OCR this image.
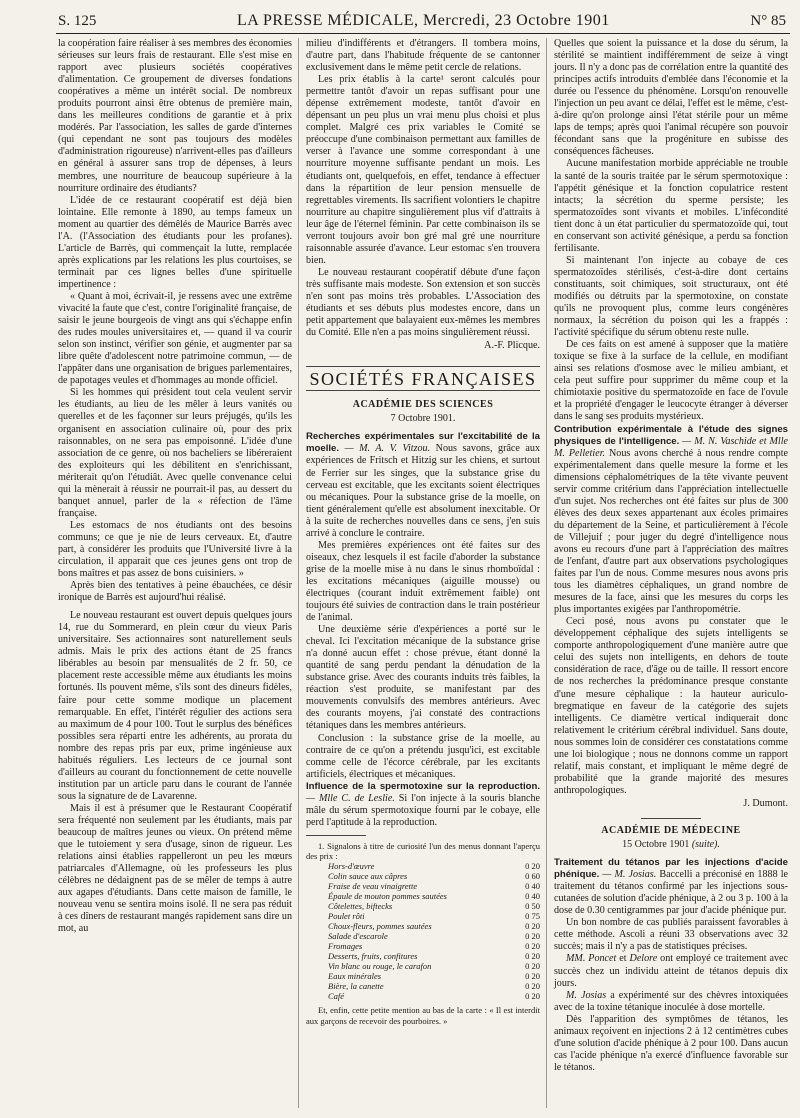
S. 125	LA PRESSE MÉDICALE, Mercredi, 23 Octobre 1901	N° 85

la coopération faire réaliser à ses membres des économies sérieuses sur leurs frais de restaurant. Elle s'est mise en rapport avec plusieurs sociétés coopératives d'alimentation. Ce groupement de diverses fondations coopératives a même un intérêt social. De nombreux produits pourront ainsi être obtenus de première main, dans les meilleures conditions de garantie et à prix modérés. Par l'association, les salles de garde d'internes (qui cependant ne sont pas toujours des modèles d'administration rigoureuse) n'arrivent-elles pas d'ailleurs en général à assurer sans trop de dépenses, à leurs membres, une nourriture de beaucoup supérieure à la nourriture ordinaire des étudiants?

L'idée de ce restaurant coopératif est déjà bien lointaine. Elle remonte à 1890, au temps fameux un moment au quartier des démêlés de Maurice Barrès avec l'A. (l'Association des étudiants pour les profanes). L'article de Barrès, qui commençait la lutte, remplacée après explications par les relations les plus courtoises, se terminait par ces lignes belles d'une spirituelle impertinence :

« Quant à moi, écrivait-il, je ressens avec une extrême vivacité la faute que c'est, contre l'originalité française, de saisir le jeune bourgeois de vingt ans qui s'échappe enfin des rudes moules universitaires et, — quand il va courir selon son instinct, vérifier son génie, et augmenter par sa libre quête d'adolescent notre patrimoine commun, — de l'appâter dans une organisation de brigues parlementaires, de papotages veules et d'hommages au monde officiel.

Si les hommes qui président tout cela veulent servir les étudiants, au lieu de les mêler à leurs vanités ou querelles et de les façonner sur leurs préjugés, qu'ils les organisent en association culinaire où, pour des prix raisonnables, on ne sera pas empoisonné. L'idée d'une association de ce genre, où nos bacheliers se libéreraient des exploiteurs qui les débilitent en s'enrichissant, mériterait qu'on l'étudiât. Avec quelle convenance celui qui la mènerait à réussir ne pourrait-il pas, au dessert du banquet annuel, parler de la « réfection de l'âme française.

Les estomacs de nos étudiants ont des besoins communs; ce que je nie de leurs cerveaux. Et, d'autre part, à considérer les produits que l'Université livre à la circulation, il apparait que ces jeunes gens ont trop de bons maîtres et pas assez de bons cuisiniers. »

Après bien des tentatives à peine ébauchées, ce désir ironique de Barrès est aujourd'hui réalisé.

Le nouveau restaurant est ouvert depuis quelques jours 14, rue du Sommerard, en plein cœur du vieux Paris universitaire. Ses actionnaires sont naturellement seuls admis. Mais le prix des actions étant de 25 francs libérables au besoin par mensualités de 2 fr. 50, ce placement reste accessible même aux étudiants les moins fortunés. Ils pouvent même, s'ils sont des dineurs fidèles, faire pour cette somme modique un placement remarquable. En effet, l'intérêt régulier des actions sera au maximum de 4 pour 100. Tout le surplus des bénéfices possibles sera réparti entre les adhérents, au prorata du nombre des repas pris par eux, prime ingénieuse aux habitués réguliers. Les lecteurs de ce journal sont d'ailleurs au courant du fonctionnement de cette nouvelle institution par un article paru dans le courant de l'année sous la signature de de Lavarenne.

Mais il est à présumer que le Restaurant Coopératif sera fréquenté non seulement par les étudiants, mais par beaucoup de maîtres jeunes ou vieux. On prétend même que le tutoiement y sera d'usage, sinon de rigueur. Les relations ainsi établies rappelleront un peu les mœurs patriarcales d'Allemagne, où les professeurs les plus célèbres ne dédaignent pas de se mêler de temps à autre aux agapes d'étudiants. Dans cette maison de famille, le nouveau venu se sentira moins isolé. Il ne sera pas réduit à ces dîners de restaurant mangés rapidement sans dire un mot, au

milieu d'indifférents et d'étrangers. Il tombera moins, d'autre part, dans l'habitude fréquente de se cantonner exclusivement dans le même petit cercle de relations.

Les prix établis à la carte¹ seront calculés pour permettre tantôt d'avoir un repas suffisant pour une dépense extrêmement modeste, tantôt d'avoir en dépensant un peu plus un vrai menu plus choisi et plus complet. Malgré ces prix variables le Comité se préoccupe d'une combinaison permettant aux familles de verser à l'avance une somme correspondant à une nourriture moyenne suffisante pendant un mois. Les étudiants ont, quelquefois, en effet, tendance à effectuer dans la répartition de leur pension mensuelle de regrettables virements. Ils sacrifient volontiers le chapitre nourriture au chapitre singulièrement plus vif d'attraits à leur âge de l'éternel féminin. Par cette combinaison ils se verront toujours avoir bon gré mal gré une nourriture raisonnable assurée d'avance. Leur estomac s'en trouvera bien.

Le nouveau restaurant coopératif débute d'une façon très suffisante mais modeste. Son extension et son succès n'en sont pas moins très probables. L'Association des étudiants et ses débuts plus modestes encore, dans un petit appartement que balayaient eux-mêmes les membres du Comité. Elle n'en a pas moins singulièrement réussi.

A.-F. Plicque.
SOCIÉTÉS FRANÇAISES
ACADÉMIE DES SCIENCES
7 Octobre 1901.

Recherches expérimentales sur l'excitabilité de la moelle. — M. A. V. Vitzou. Nous savons, grâce aux expériences de Fritsch et Hitzig sur les chiens, et surtout de Ferrier sur les singes, que la substance grise du cerveau est excitable, que les excitants soient électriques ou mécaniques. Pour la substance grise de la moelle, on tient généralement qu'elle est absolument inexcitable. Or à la suite de recherches nouvelles dans ce sens, j'en suis arrivé à conclure le contraire.

Mes premières expériences ont été faites sur des oiseaux, chez lesquels il est facile d'aborder la substance grise de la moelle mise à nu dans le sinus rhomboïdal : les excitations mécaniques (aiguille mousse) ou électriques (courant induit extrêmement faible) ont toujours été suivies de contraction dans le train postérieur de l'animal.

Une deuxième série d'expériences a porté sur le cheval. Ici l'excitation mécanique de la substance grise n'a donné aucun effet : chose prévue, étant donné la quantité de sang perdu pendant la dénudation de la substance grise. Avec des courants induits très faibles, la réaction s'est produite, se manifestant par des mouvements convulsifs des membres antérieurs. Avec des courants moyens, j'ai constaté des contractions tétaniques dans les membres antérieurs.

Conclusion : la substance grise de la moelle, au contraire de ce qu'on a prétendu jusqu'ici, est excitable comme celle de l'écorce cérébrale, par les excitants artificiels, électriques et mécaniques.

Influence de la spermotoxine sur la reproduction. — Mlle C. de Leslie. Si l'on injecte à la souris blanche mâle du sérum spermotoxique fourni par le cobaye, elle perd l'aptitude à la reproduction.

1. Signalons à titre de curiosité l'un des menus donnant l'aperçu des prix :

Hors-d'œuvre	0 20
Colin sauce aux câpres	0 60
Fraise de veau vinaigrette	0 40
Épaule de mouton pommes sautées	0 40
Côtelettes, biftecks	0 50
Poulet rôti	0 75
Choux-fleurs, pommes sautées	0 20
Salade d'escarole	0 20
Fromages	0 20
Desserts, fruits, confitures	0 20
Vin blanc ou rouge, le carafon	0 20
Eaux minérales	0 20
Bière, la canette	0 20
Café	0 20

Et, enfin, cette petite mention au bas de la carte : « Il est interdit aux garçons de recevoir des pourboires. »

Quelles que soient la puissance et la dose du sérum, la stérilité se maintient indifféremment de seize à vingt jours. Il n'y a donc pas de corrélation entre la quantité des principes actifs introduits d'emblée dans l'économie et la durée ou l'essence du phénomène. Lorsqu'on renouvelle l'injection un peu avant ce délai, l'effet est le même, c'est-à-dire qu'on prolonge ainsi l'état stérile pour un même laps de temps; après quoi l'animal récupère son pouvoir fécondant sans que la progéniture en subisse des conséquences fâcheuses.

Aucune manifestation morbide appréciable ne trouble la santé de la souris traitée par le sérum spermotoxique : l'appétit génésique et la fonction copulatrice restent intacts; la sécrétion du sperme persiste; les spermatozoïdes sont vivants et mobiles. L'infécondité tient donc à un état particulier du spermatozoïde qui, tout en conservant son activité génésique, a perdu sa fonction fertilisante.

Si maintenant l'on injecte au cobaye de ces spermatozoïdes stérilisés, c'est-à-dire dont certains constituants, soit chimiques, soit structuraux, ont été modifiés ou détruits par la spermotoxine, on constate qu'ils ne provoquent plus, comme leurs congénères normaux, la sécrétion du poison qui les a frappés : l'activité spécifique du sérum obtenu reste nulle.

De ces faits on est amené à supposer que la matière toxique se fixe à la surface de la cellule, en modifiant ainsi ses relations d'osmose avec le milieu ambiant, et cela peut suffire pour supprimer du même coup et la chimiotaxie positive du spermatozoïde en face de l'ovule et la propriété d'engager le leucocyte étranger à déverser dans le sang ses produits mystérieux.

Contribution expérimentale à l'étude des signes physiques de l'intelligence. — M. N. Vaschide et Mlle M. Pelletier. Nous avons cherché à nous rendre compte expérimentalement dans quelle mesure la forme et les dimensions céphalométriques de la tête vivante peuvent servir comme critérium dans l'appréciation intellectuelle d'un sujet. Nos recherches ont été faites sur plus de 300 élèves des deux sexes appartenant aux écoles primaires du département de la Seine, et particulièrement à l'école de Villejuif ; pour juger du degré d'intelligence nous avons eu recours d'une part à l'appréciation des maîtres de l'enfant, d'autre part aux observations psychologiques faites par l'un de nous. Comme mesures nous avons pris tous les diamètres céphaliques, un grand nombre de mesures de la face, ainsi que les mesures du corps les plus importantes exigées par l'anthropométrie.

Ceci posé, nous avons pu constater que le développement céphalique des sujets intelligents se comporte anthropologiquement d'une manière autre que celui des sujets non intelligents, en dehors de toute considération de race, d'âge ou de taille. Il ressort encore de nos recherches la prédominance presque constante d'une mesure céphalique : la hauteur auriculo-bregmatique en faveur de la catégorie des sujets intelligents. Ce diamètre vertical indiquerait donc relativement le critérium cérébral individuel. Sans doute, nous sommes loin de considérer ces constatations comme une loi biologique ; nous ne donnons comme un rapport relatif, mais constant, et impliquant le même degré de probabilité que la grande majorité des mesures anthropologiques.

J. Dumont.
ACADÉMIE DE MÉDECINE
15 Octobre 1901 (suite).

Traitement du tétanos par les injections d'acide phénique. — M. Josias. Baccelli a préconisé en 1888 le traitement du tétanos confirmé par les injections sous-cutanées de solution d'acide phénique, à 2 ou 3 p. 100 à la dose de 0.30 centigrammes par jour d'acide phénique pur.

Un bon nombre de cas publiés paraissent favorables à cette méthode. Ascoli a réuni 33 observations avec 32 succès; mais il n'y a pas de statistiques précises.

MM. Poncet et Delore ont employé ce traitement avec succès chez un individu atteint de tétanos depuis dix jours.

M. Josias a expérimenté sur des chèvres intoxiquées avec de la toxine tétanique inoculée à dose mortelle.

Dès l'apparition des symptômes de tétanos, les animaux reçoivent en injections 2 à 12 centimètres cubes d'une solution d'acide phénique à 2 pour 100. Dans aucun cas l'acide phénique n'a exercé d'influence favorable sur le tétanos.
